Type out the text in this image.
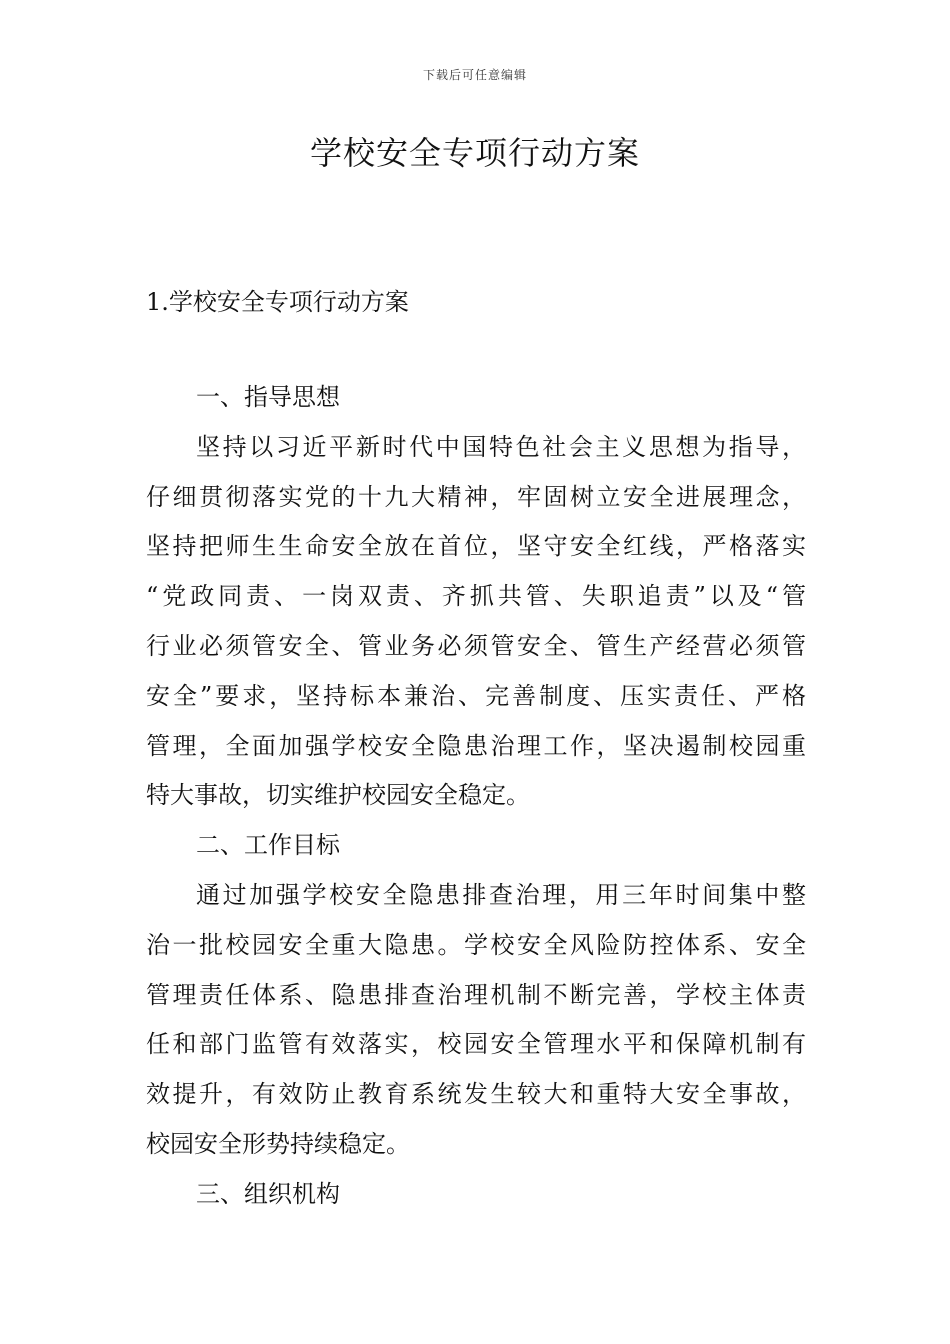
下载后可任意编辑
学校安全专项行动方案
1.学校安全专项行动方案
一、指导思想
坚持以习近平新时代中国特色社会主义思想为指导，
仔细贯彻落实党的十九大精神，牢固树立安全进展理念，
坚持把师生生命安全放在首位，坚守安全红线，严格落实
“党政同责、一岗双责、齐抓共管、失职追责”以及“管
行业必须管安全、管业务必须管安全、管生产经营必须管
安全”要求，坚持标本兼治、完善制度、压实责任、严格
管理，全面加强学校安全隐患治理工作，坚决遏制校园重
特大事故，切实维护校园安全稳定。
二、工作目标
通过加强学校安全隐患排查治理，用三年时间集中整
治一批校园安全重大隐患。学校安全风险防控体系、安全
管理责任体系、隐患排查治理机制不断完善，学校主体责
任和部门监管有效落实，校园安全管理水平和保障机制有
效提升，有效防止教育系统发生较大和重特大安全事故，
校园安全形势持续稳定。
三、组织机构
